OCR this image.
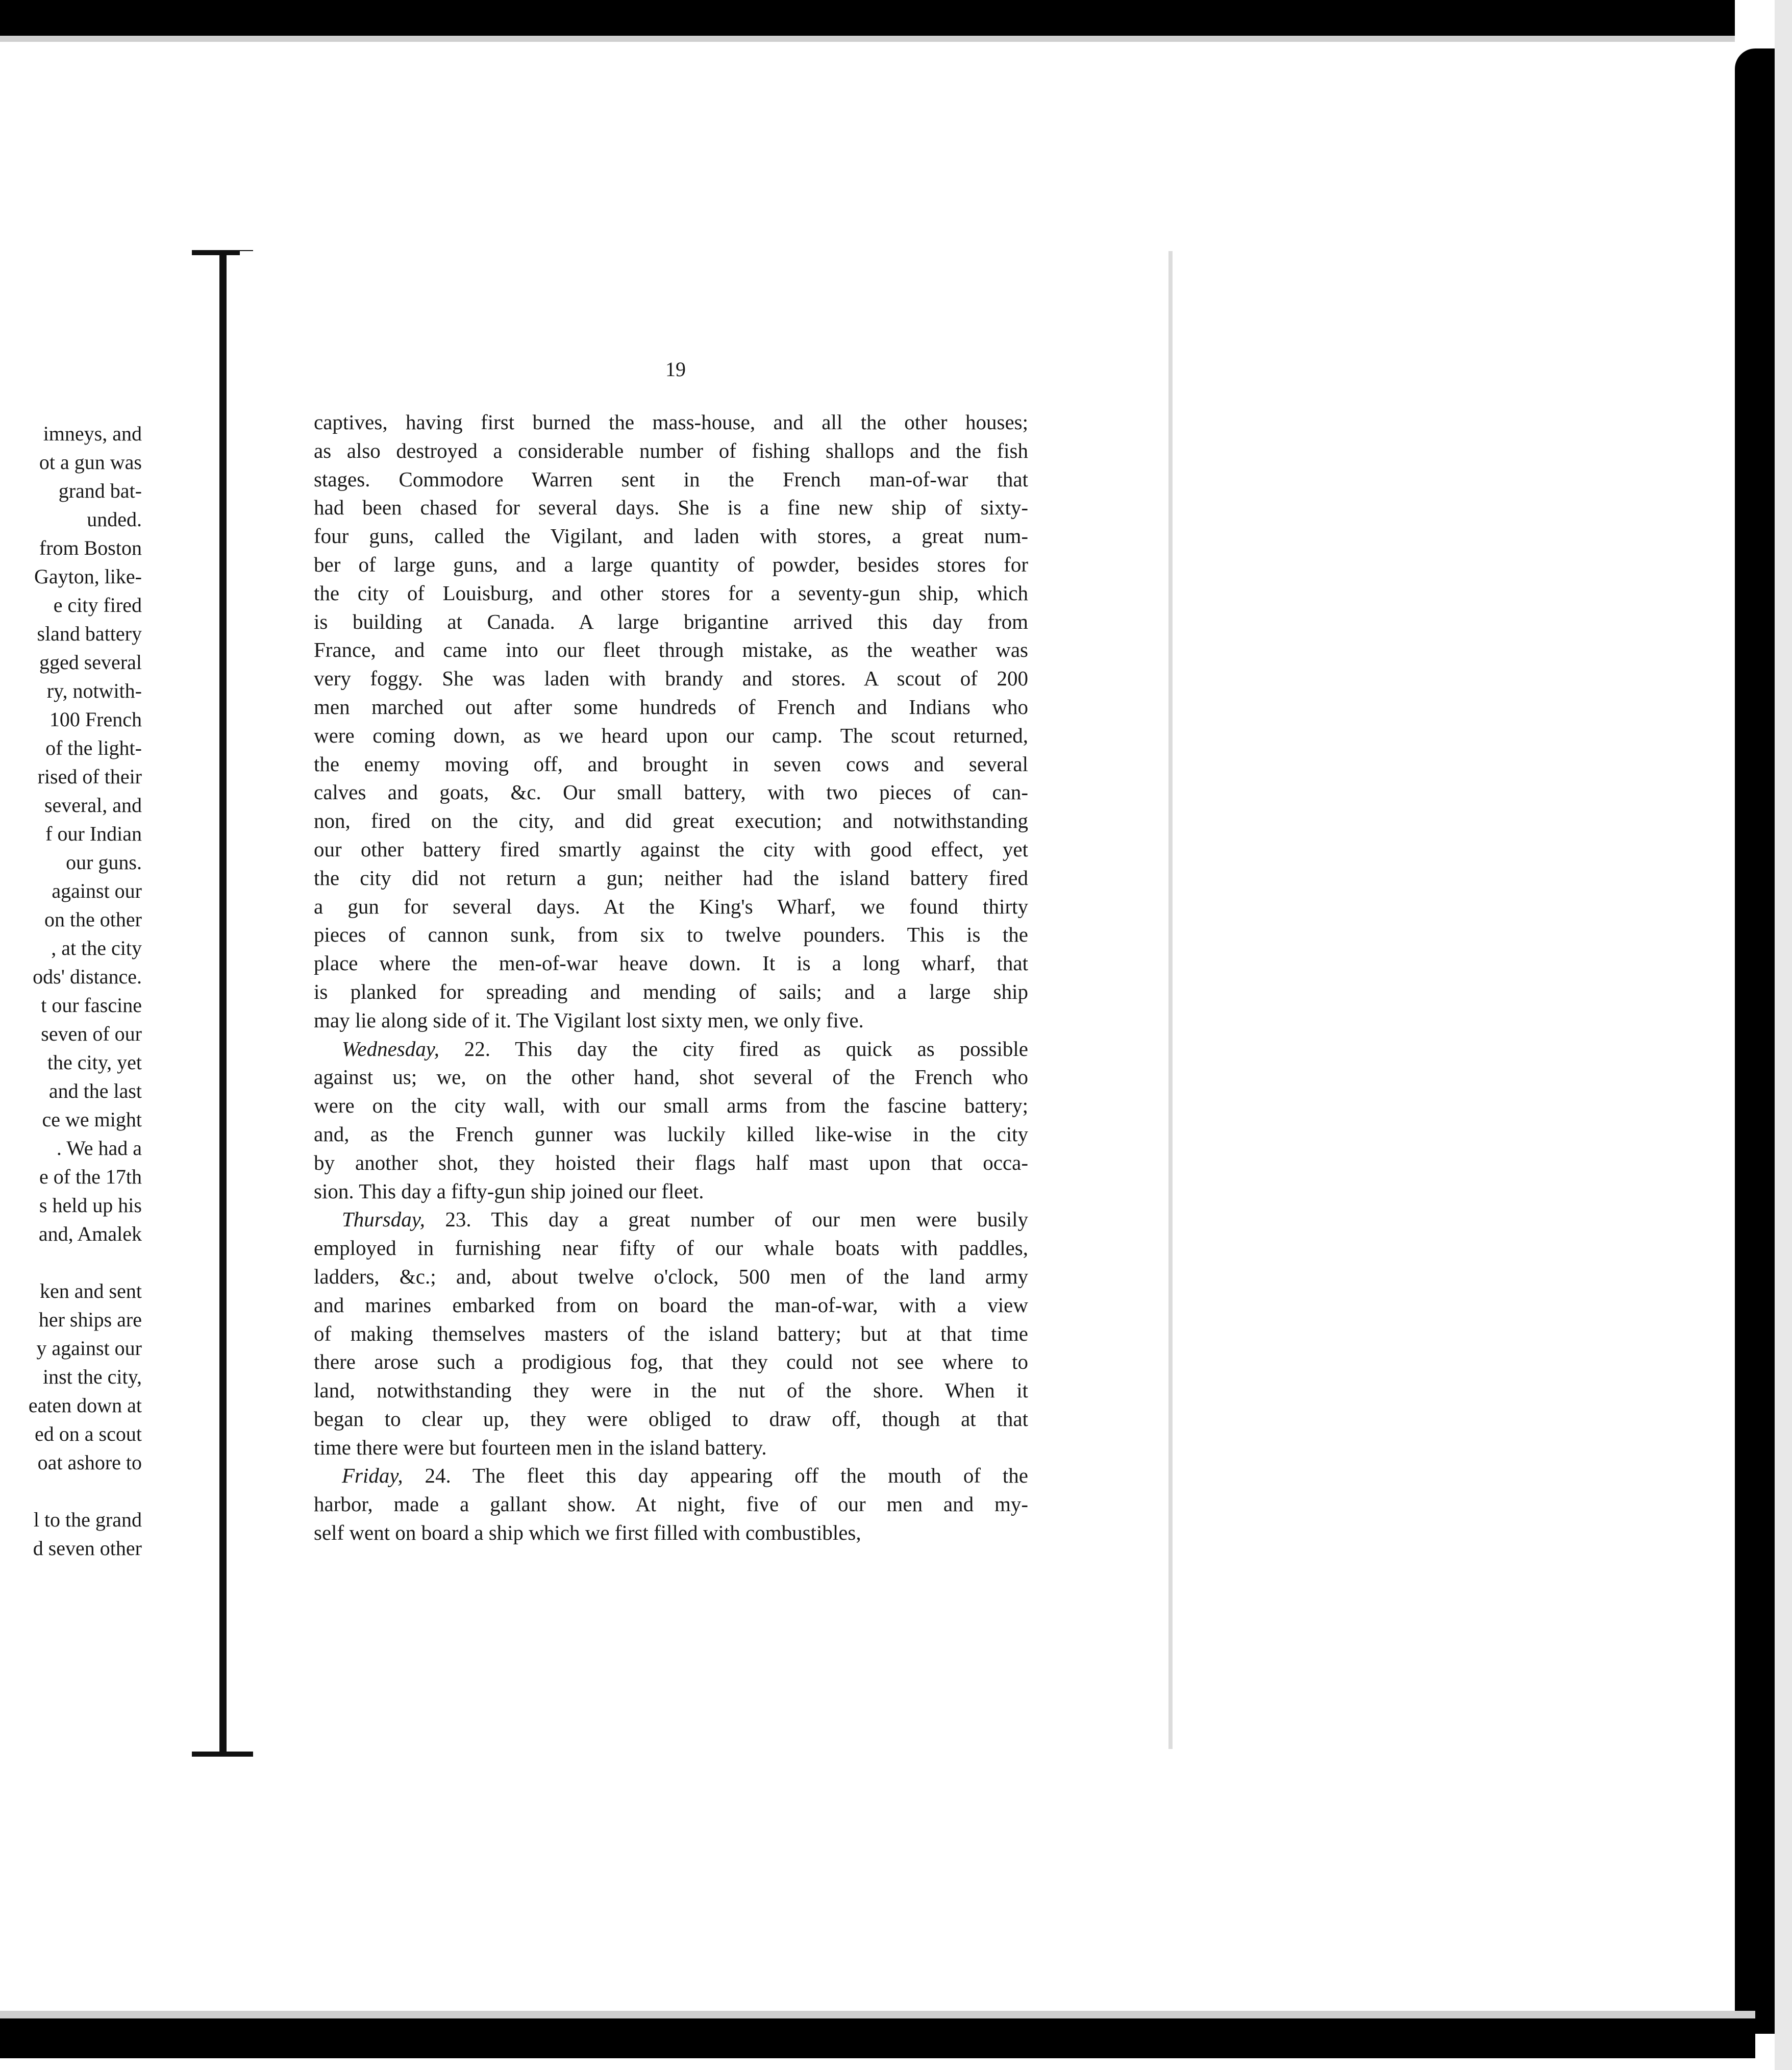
imneys, and
ot a gun was
grand bat-
unded.
from Boston
Gayton, like-
e city fired
sland battery
gged several
ry, notwith-
100 French
of the light-
rised of their
several, and
f our Indian
our guns.
against our
on the other
, at the city
ods' distance.
t our fascine
seven of our
the city, yet
and the last
ce we might
. We had a
e of the 17th
s held up his
and, Amalek
ken and sent
her ships are
y against our
inst the city,
eaten down at
ed on a scout
oat ashore to
l to the grand
d seven other
19
captives, having first burned the mass-house, and all the other houses;
as also destroyed a considerable number of fishing shallops and the fish
stages. Commodore Warren sent in the French man-of-war that
had been chased for several days. She is a fine new ship of sixty-
four guns, called the Vigilant, and laden with stores, a great num-
ber of large guns, and a large quantity of powder, besides stores for
the city of Louisburg, and other stores for a seventy-gun ship, which
is building at Canada. A large brigantine arrived this day from
France, and came into our fleet through mistake, as the weather was
very foggy. She was laden with brandy and stores. A scout of 200
men marched out after some hundreds of French and Indians who
were coming down, as we heard upon our camp. The scout returned,
the enemy moving off, and brought in seven cows and several
calves and goats, &c. Our small battery, with two pieces of can-
non, fired on the city, and did great execution; and notwithstanding
our other battery fired smartly against the city with good effect, yet
the city did not return a gun; neither had the island battery fired
a gun for several days. At the King's Wharf, we found thirty
pieces of cannon sunk, from six to twelve pounders. This is the
place where the men-of-war heave down. It is a long wharf, that
is planked for spreading and mending of sails; and a large ship
may lie along side of it. The Vigilant lost sixty men, we only five.
Wednesday, 22. This day the city fired as quick as possible
against us; we, on the other hand, shot several of the French who
were on the city wall, with our small arms from the fascine battery;
and, as the French gunner was luckily killed like-wise in the city
by another shot, they hoisted their flags half mast upon that occa-
sion. This day a fifty-gun ship joined our fleet.
Thursday, 23. This day a great number of our men were busily
employed in furnishing near fifty of our whale boats with paddles,
ladders, &c.; and, about twelve o'clock, 500 men of the land army
and marines embarked from on board the man-of-war, with a view
of making themselves masters of the island battery; but at that time
there arose such a prodigious fog, that they could not see where to
land, notwithstanding they were in the nut of the shore. When it
began to clear up, they were obliged to draw off, though at that
time there were but fourteen men in the island battery.
Friday, 24. The fleet this day appearing off the mouth of the
harbor, made a gallant show. At night, five of our men and my-
self went on board a ship which we first filled with combustibles,
